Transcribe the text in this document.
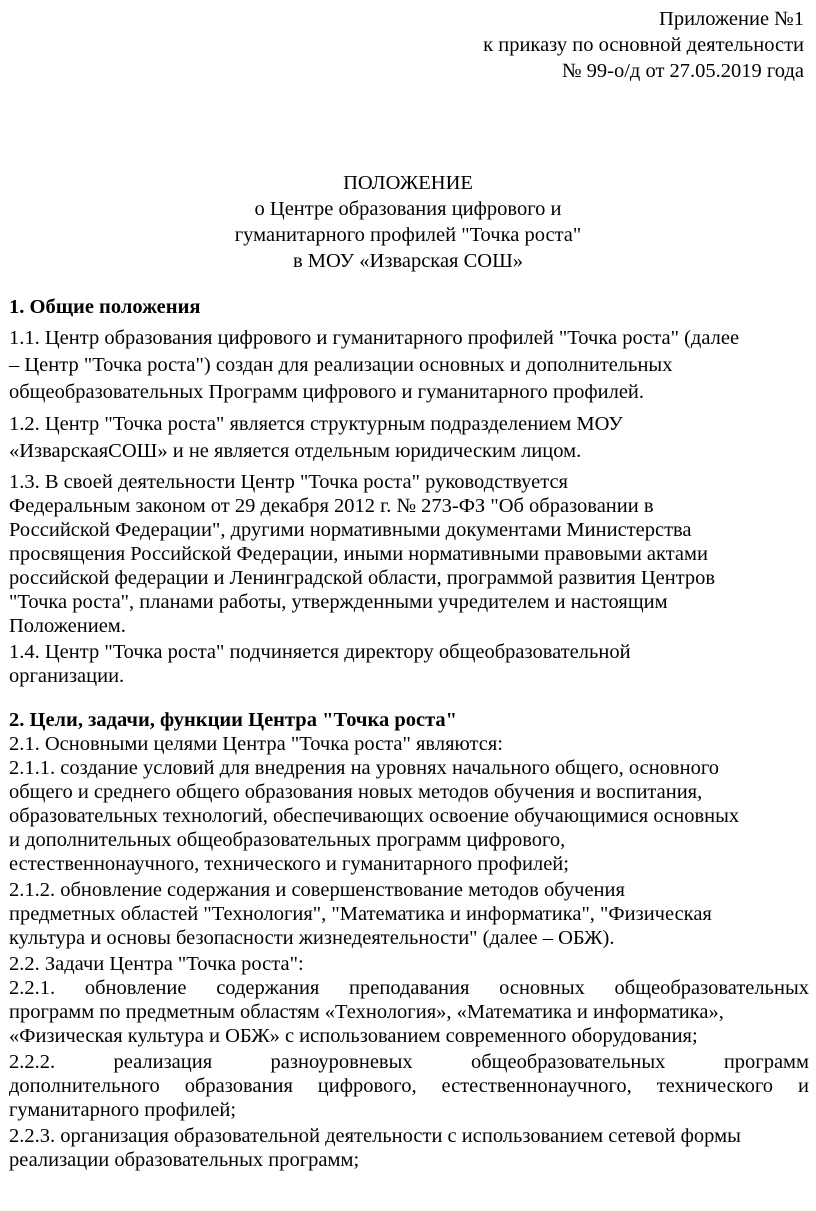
Приложение №1
к приказу по основной деятельности
№ 99-о/д от 27.05.2019 года
ПОЛОЖЕНИЕ
о Центре образования цифрового и
гуманитарного профилей "Точка роста"
в МОУ «Изварская СОШ»
1. Общие положения
1.1. Центр образования цифрового и гуманитарного профилей "Точка роста" (далее
– Центр "Точка роста") создан для реализации основных и дополнительных
общеобразовательных Программ цифрового и гуманитарного профилей.
1.2. Центр "Точка роста" является структурным подразделением МОУ
«ИзварскаяСОШ» и не является отдельным юридическим лицом.
1.3. В своей деятельности Центр "Точка роста" руководствуется
Федеральным законом от 29 декабря 2012 г. № 273-ФЗ "Об образовании в
Российской Федерации", другими нормативными документами Министерства
просвящения Российской Федерации, иными нормативными правовыми актами
российской федерации и Ленинградской области, программой развития Центров
"Точка роста", планами работы, утвержденными учредителем и настоящим
Положением.
1.4. Центр "Точка роста" подчиняется директору общеобразовательной
организации.
2. Цели, задачи, функции Центра "Точка роста"
2.1. Основными целями Центра "Точка роста" являются:
2.1.1. создание условий для внедрения на уровнях начального общего, основного
общего и среднего общего образования новых методов обучения и воспитания,
образовательных технологий, обеспечивающих освоение обучающимися основных
и дополнительных общеобразовательных программ цифрового,
естественнонаучного, технического и гуманитарного профилей;
2.1.2. обновление содержания и совершенствование методов обучения
предметных областей "Технология", "Математика и информатика", "Физическая
культура и основы безопасности жизнедеятельности" (далее – ОБЖ).
2.2. Задачи Центра "Точка роста":
2.2.1. обновление содержания преподавания основных общеобразовательных
программ по предметным областям «Технология», «Математика и информатика»,
«Физическая культура и ОБЖ» с использованием современного оборудования;
2.2.2.	реализация	разноуровневых	общеобразовательных	программ
дополнительного образования цифрового, естественнонаучного, технического и
гуманитарного профилей;
2.2.3. организация образовательной деятельности с использованием сетевой формы
реализации образовательных программ;
